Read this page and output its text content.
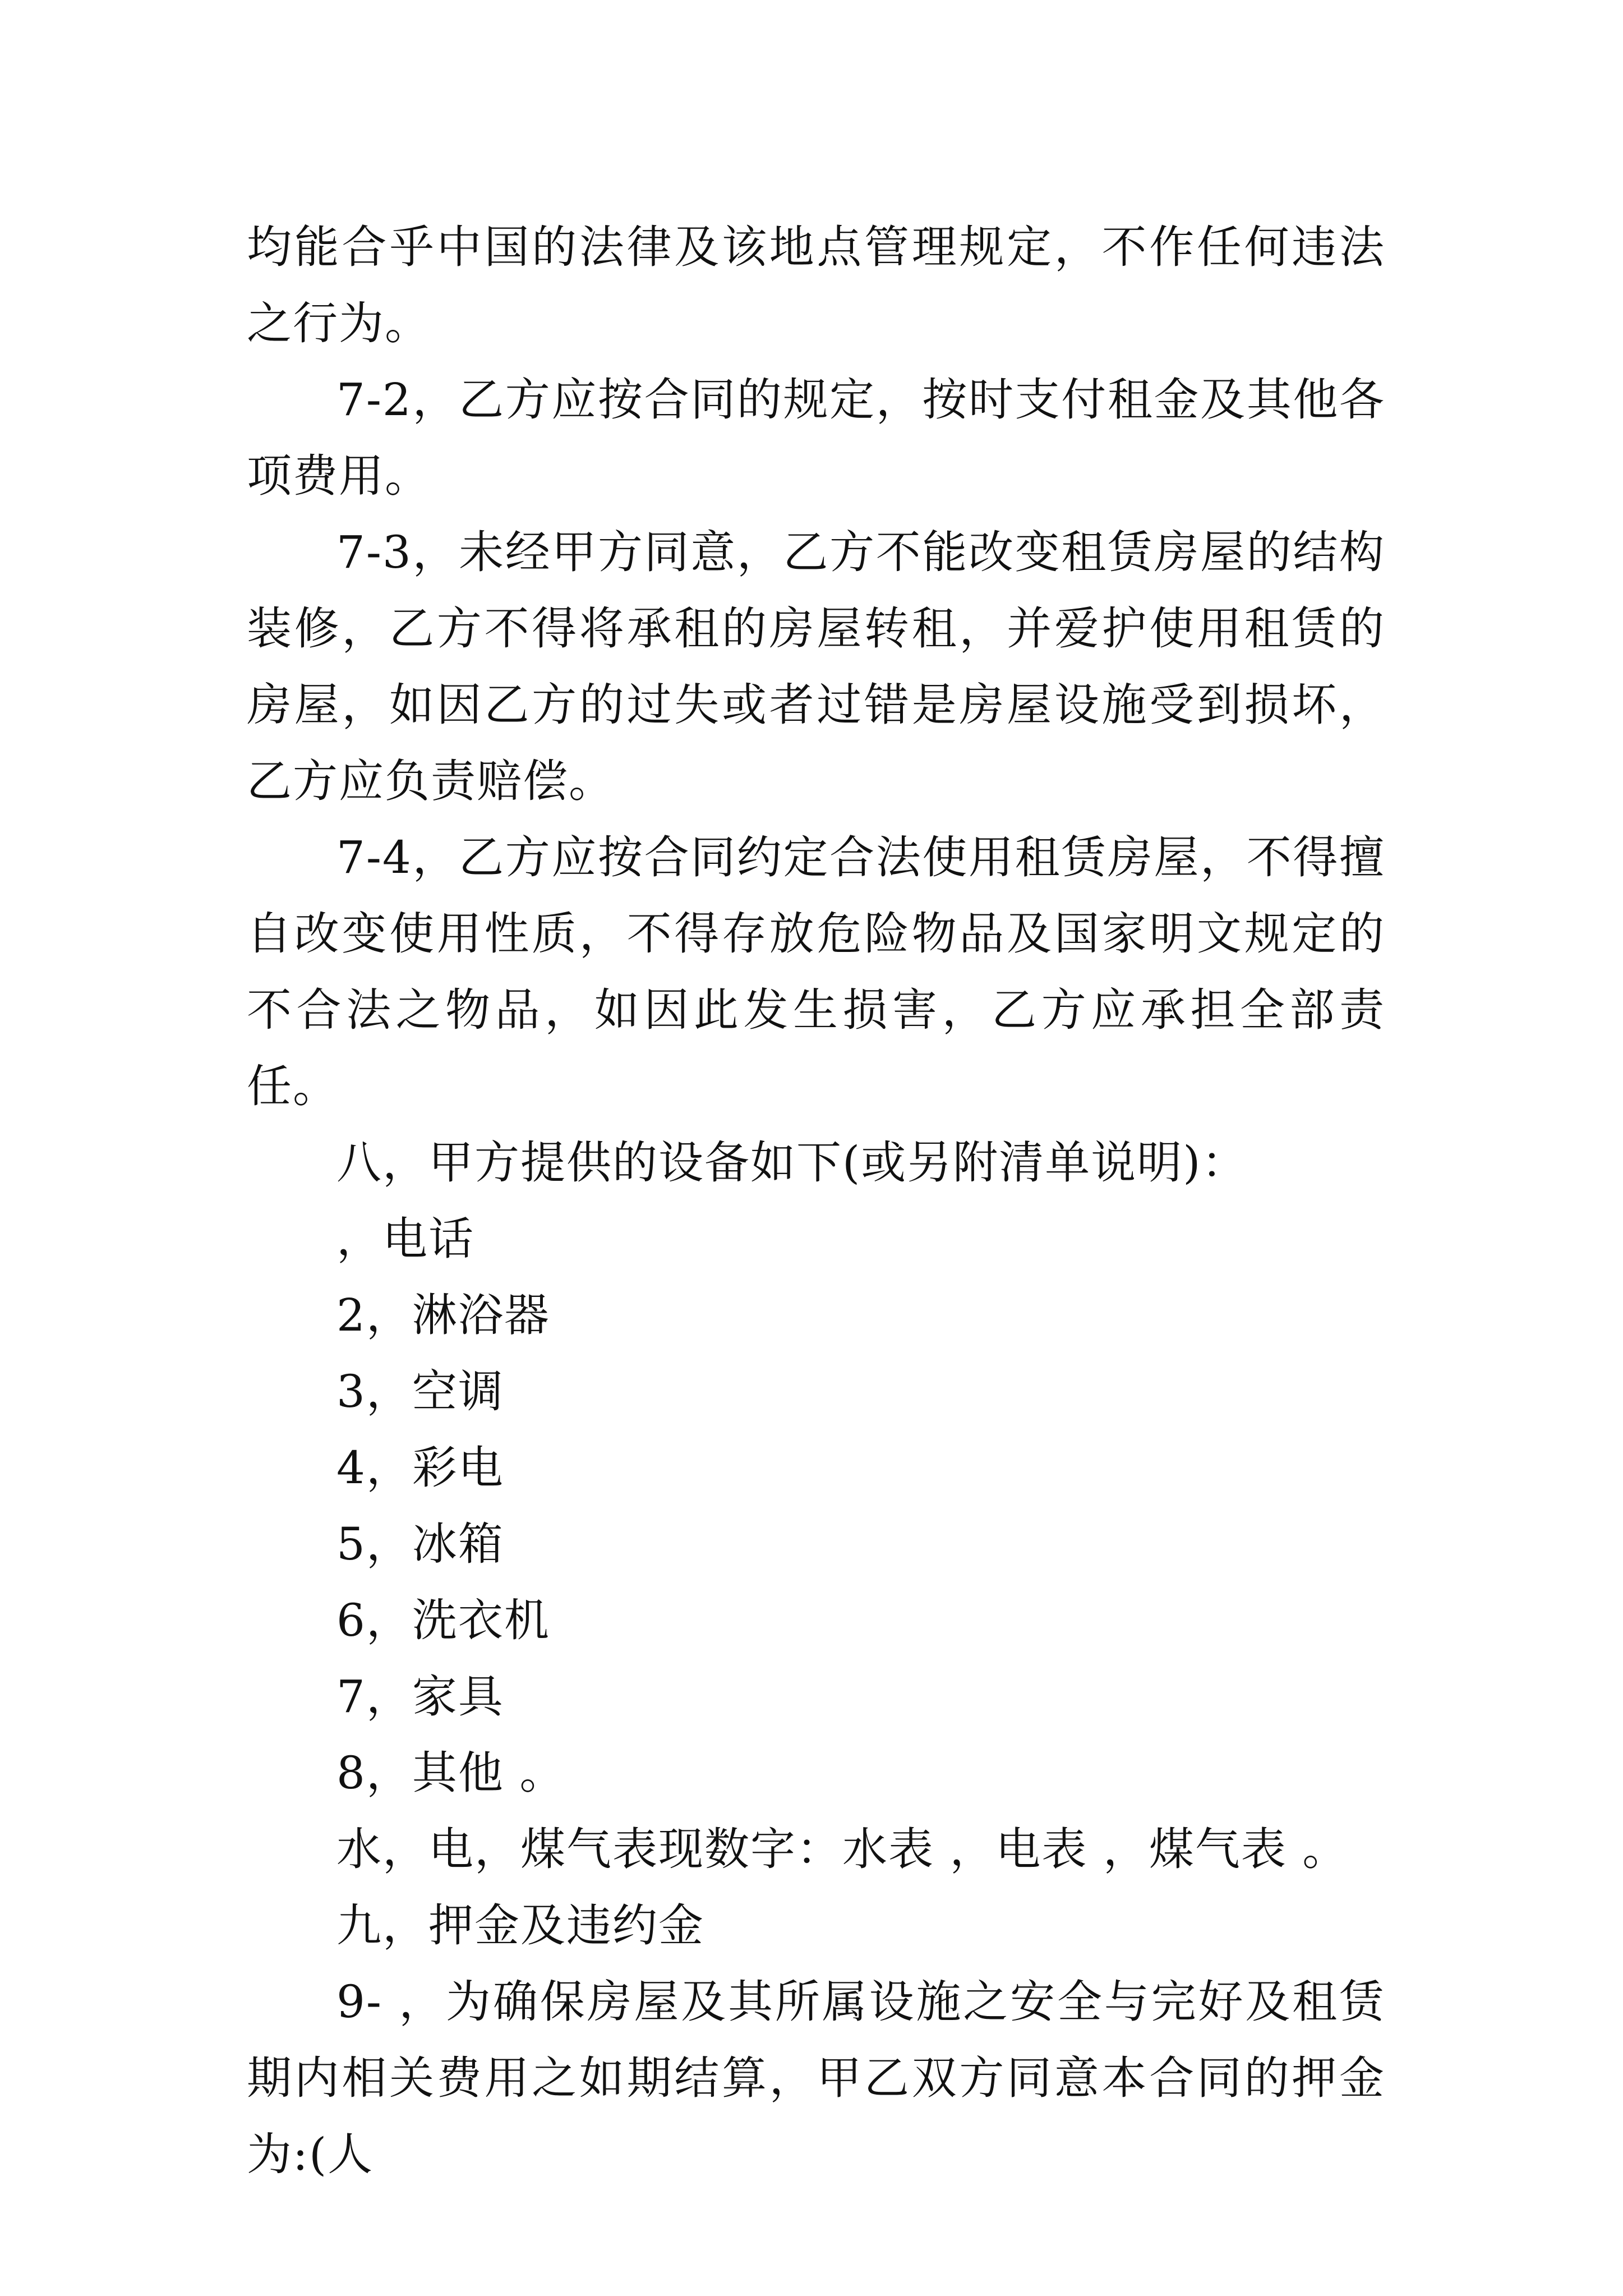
均能合乎中国的法律及该地点管理规定，不作任何违法之行为。

7-2，乙方应按合同的规定，按时支付租金及其他各项费用。

7-3，未经甲方同意，乙方不能改变租赁房屋的结构装修，乙方不得将承租的房屋转租，并爱护使用租赁的房屋，如因乙方的过失或者过错是房屋设施受到损坏，乙方应负责赔偿。

7-4，乙方应按合同约定合法使用租赁房屋，不得擅自改变使用性质，不得存放危险物品及国家明文规定的不合法之物品，如因此发生损害，乙方应承担全部责任。

八，甲方提供的设备如下(或另附清单说明)：

，电话

2，淋浴器

3，空调

4，彩电

5，冰箱

6，洗衣机

7，家具

8，其他 。

水，电，煤气表现数字：水表 ，电表 ，煤气表 。

九，押金及违约金

9- ，为确保房屋及其所属设施之安全与完好及租赁期内相关费用之如期结算，甲乙双方同意本合同的押金为:(人
